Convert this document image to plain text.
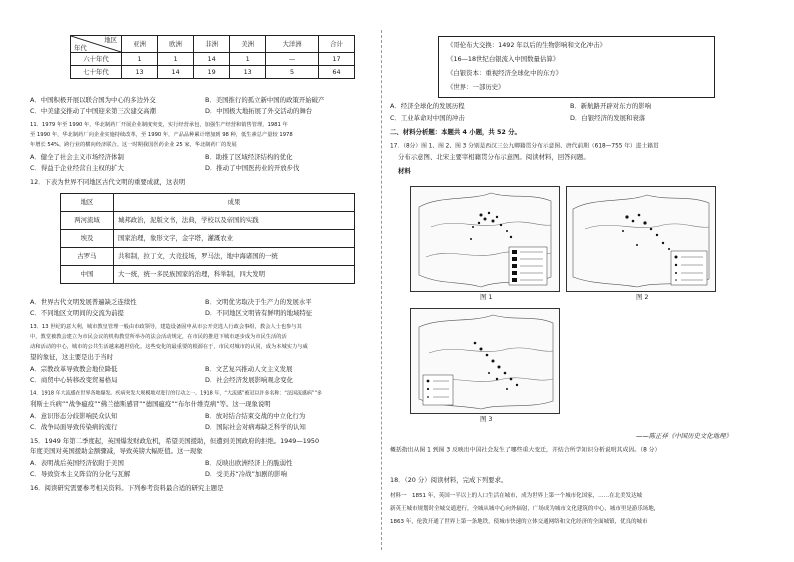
地区
年代	亚洲	欧洲	非洲	美洲	大洋洲	合计
六十年代	1	1	14	1	—	17
七十年代	13	14	19	13	5	64
A．中国积极开展以联合国为中心的多边外交	B．美国推行的孤立新中国的政策开始破产
C．中美建交推动了中国迎来第三次建交高潮	D．中国极大地拓展了外交活动的舞台
11．1979 年至 1990 年，华北制药厂开展企业制度突变，实行经营承包，加强生产经营和销售管理，1981 年
至 1990 年，华北制药厂向企业实施持续改革，至 1990 年，产品品种累计增加到 98 种，低生素总产量较 1978
年增长 54%。跨行业的横向经济联合。这一时期我国医药企业 25 家，华北制药厂的发展
A．健全了社会主义市场经济体制	B．助推了区域经济结构的优化
C．得益于企业经营自主权的扩大	D．推动了中国医药业的开放步伐
12．下表为世界不同地区古代文明的重要成就，这表明
地区	成果
两河流域	城邦政治，泥版文书，法典，学校以及帝国的实践
埃及	国家治理，象形文字，金字塔，灌溉农业
古罗马	共和制，拉丁文，大竞技场，罗马法，地中海诸国的一统
中国	大一统，统一多民族国家的治理，科举制，四大发明
A．世界古代文明发展普遍缺乏连续性	B．文明优劣取决于生产力的发展水平
C．不同地区文明间的交流为前提	D．不同地区文明皆有鲜明的地域特征
13．13 世纪的意大利，城市教皇管理一般由市政领导，建造设备固申从市公开竞选人行政会事组，教会人士也参与其
中，教堂被教会建立为市民会议的机构教堂所举办的法会活动规定，在市民的推进下城市逐步成为市民生活的活
动和活动的中心，城市的公共生活越来越世俗化。这些变化的最重要的根源在于，市民对城市的认同，成为本城实力与威
望的象征，这主要是出于当时
A．宗教改革导致教会地位降低	B．文艺复兴推动人文主义发展
C．商贸中心转移改变贸易格局	D．社会经济发展影响观念变化
14．1918 年大流感在世界各地爆发。疾病突发大规模地对进行的行动之一。1918 年，“大流感”被冠以许多名称：“法国流感病”“多
利斯士兵病”“战争瘟疫”“佛兰德斯感冒”“德国瘟疫”“布尔什维克病”等。这一现象说明
A．意识形态分歧影响民众认知	B．放对结合结束交战的中立化行为
C．战争局面导致传染病的流行	D．国际社会对病毒缺乏科学的认知
15．1949 年第二季度起，英国爆发财政危机，希望美国援助，但遭到美国政府的拒绝。1949—1950
年度美国对英国援助金额骤减，导致英镑大幅贬值。这一现象
A．表明战后英国经济依附于美国	B．反映出欧洲经济上的脆弱性
C．导致资本主义阵营的分化与瓦解	D．受美苏“冷战”加剧的影响
16．阅读研究需要参考相关资料。下列参考资料最合适的研究主题是
《哥伦布大交换：1492 年以后的生物影响和文化冲击》
《16—18世纪白银流入中国数量估算》
《白银资本：重视经济全球化中的东方》
《世界：一部历史》
A．经济全球化的发展历程	B．新航路开辟对东方的影响
C．工业革命对中国的冲击	D．白银经济的发展和衰落
二、材料分析题：本题共 4 小题，共 52 分。
17．（8分）图 1、图 2、图 3 分别是西汉三公九卿籍贯分布示意图、唐代前期（618—755 年）进士籍贯
分布示意图、北宋主要宰相籍贯分布示意图。阅读材料，回答问题。
材料
图 1	图 2
图 3
——陈正祥《中国历史文化地理》
概括指出从图 1 到图 3 反映出中国社会发生了哪些重大变迁，并结合所学知识分析说明其成因。（8 分）
18．（20 分）阅读材料，完成下列要求。
材料一　1851 年，英国一半以上的人口生活在城市，成为世界上第一个城市化国家，……在北美发达城
新英王城市规划时全城交通进行，全城从城中心向外辐射，广场成为城市文化建筑的中心，城市里是游乐场地，
1863 年，伦敦开通了世界上第一条地铁，使城市快速的立体交通网络和文化经济的全面城镇，优良的城市
